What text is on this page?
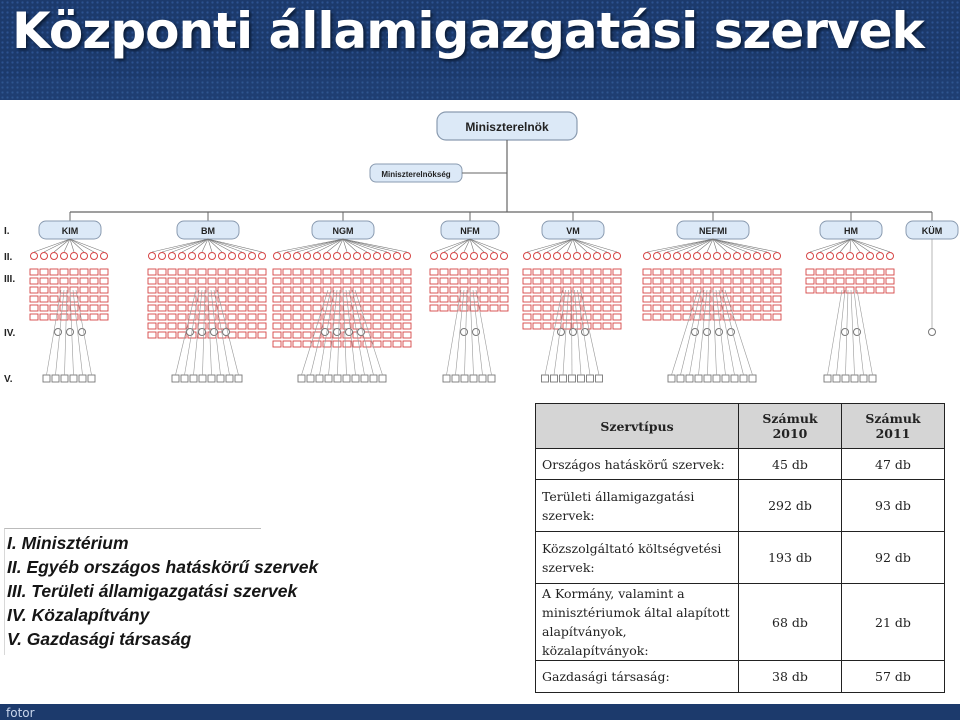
Központi államigazgatási szervek
Miniszterelnök
Miniszterelnökség
I.
II.
III.
IV.
V.
KIM	BM	NGM	NFM	VM	NEFMI	HM	KÜM
I. Minisztérium
II. Egyéb országos hatáskörű szervek
III. Területi államigazgatási szervek
IV. Közalapítvány
V. Gazdasági társaság
Szervtípus	Számuk 2010	Számuk 2011
Országos hatáskörű szervek:	45 db	47 db
Területi államigazgatási szervek:	292 db	93 db
Közszolgáltató költségvetési szervek:	193 db	92 db
A Kormány, valamint a minisztériumok által alapított alapítványok, közalapítványok:	68 db	21 db
Gazdasági társaság:	38 db	57 db
fotor
